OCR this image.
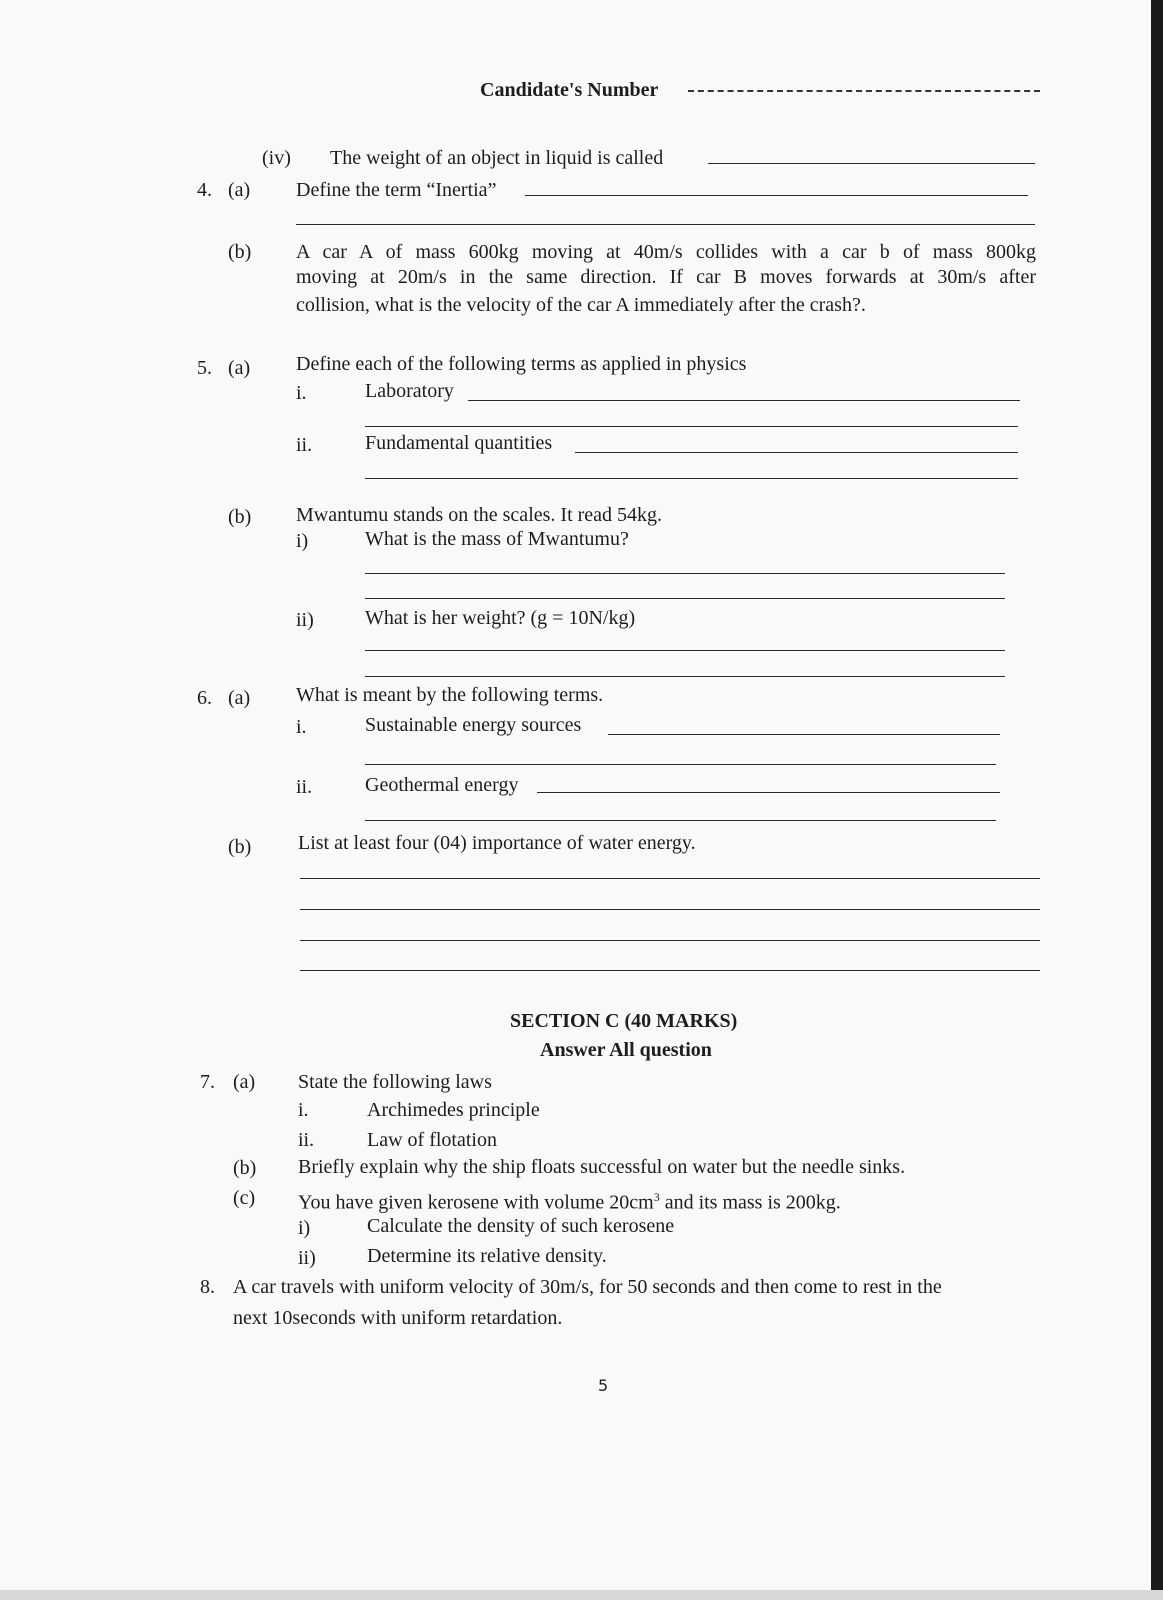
Candidate's Number
(iv) The weight of an object in liquid is called
4. (a) Define the term “Inertia”
(b) A car A of mass 600kg moving at 40m/s collides with a car b of mass 800kg
moving at 20m/s in the same direction. If car B moves forwards at 30m/s after
collision, what is the velocity of the car A immediately after the crash?.
5. (a) Define each of the following terms as applied in physics
i.	Laboratory
ii.	Fundamental quantities
(b) Mwantumu stands on the scales. It read 54kg.
i)	What is the mass of Mwantumu?
ii)	What is her weight? (g = 10N/kg)
6. (a) What is meant by the following terms.
i.	Sustainable energy sources
ii.	Geothermal energy
(b) List at least four (04) importance of water energy.
SECTION C (40 MARKS)
Answer All question
7. (a) State the following laws
i.	Archimedes principle
ii.	Law of flotation
(b) Briefly explain why the ship floats successful on water but the needle sinks.
(c) You have given kerosene with volume $20cm^3$ and its mass is 200kg.
i)	Calculate the density of such kerosene
ii)	Determine its relative density.
8. A car travels with uniform velocity of 30m/s, for 50 seconds and then come to rest in the
next 10seconds with uniform retardation.
5
